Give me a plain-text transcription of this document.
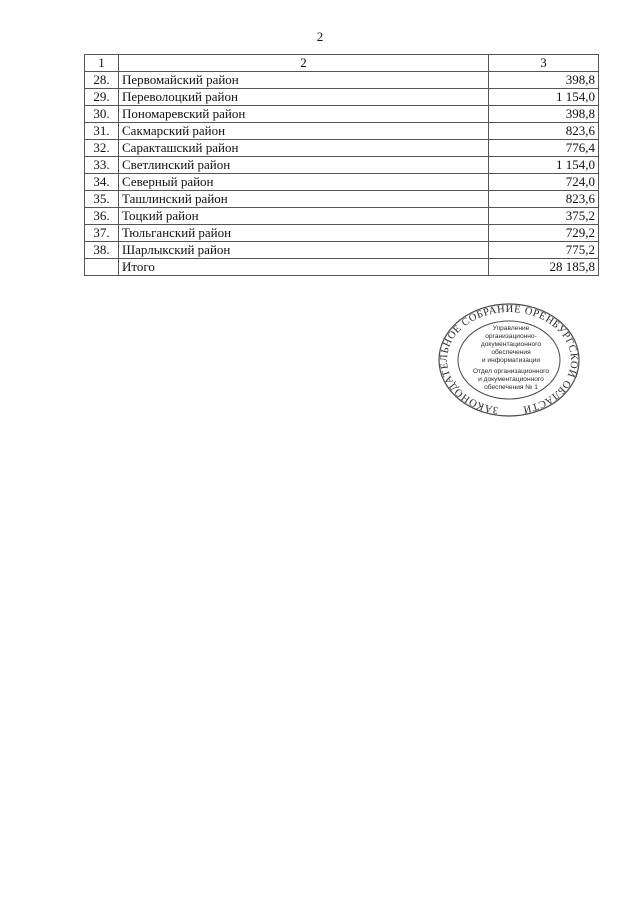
2
1	2	3
28.	Первомайский район	398,8
29.	Переволоцкий район	1 154,0
30.	Пономаревский район	398,8
31.	Сакмарский район	823,6
32.	Саракташский район	776,4
33.	Светлинский район	1 154,0
34.	Северный район	724,0
35.	Ташлинский район	823,6
36.	Тоцкий район	375,2
37.	Тюльганский район	729,2
38.	Шарлыкский район	775,2
	Итого	28 185,8
ЗАКОНОДАТЕЛЬНОЕ СОБРАНИЕ ОРЕНБУРГСКОЙ ОБЛАСТИ
Управление
организационно-
документационного
обеспечения
и информатизации
Отдел организационного
и документационного
обеспечения № 1
